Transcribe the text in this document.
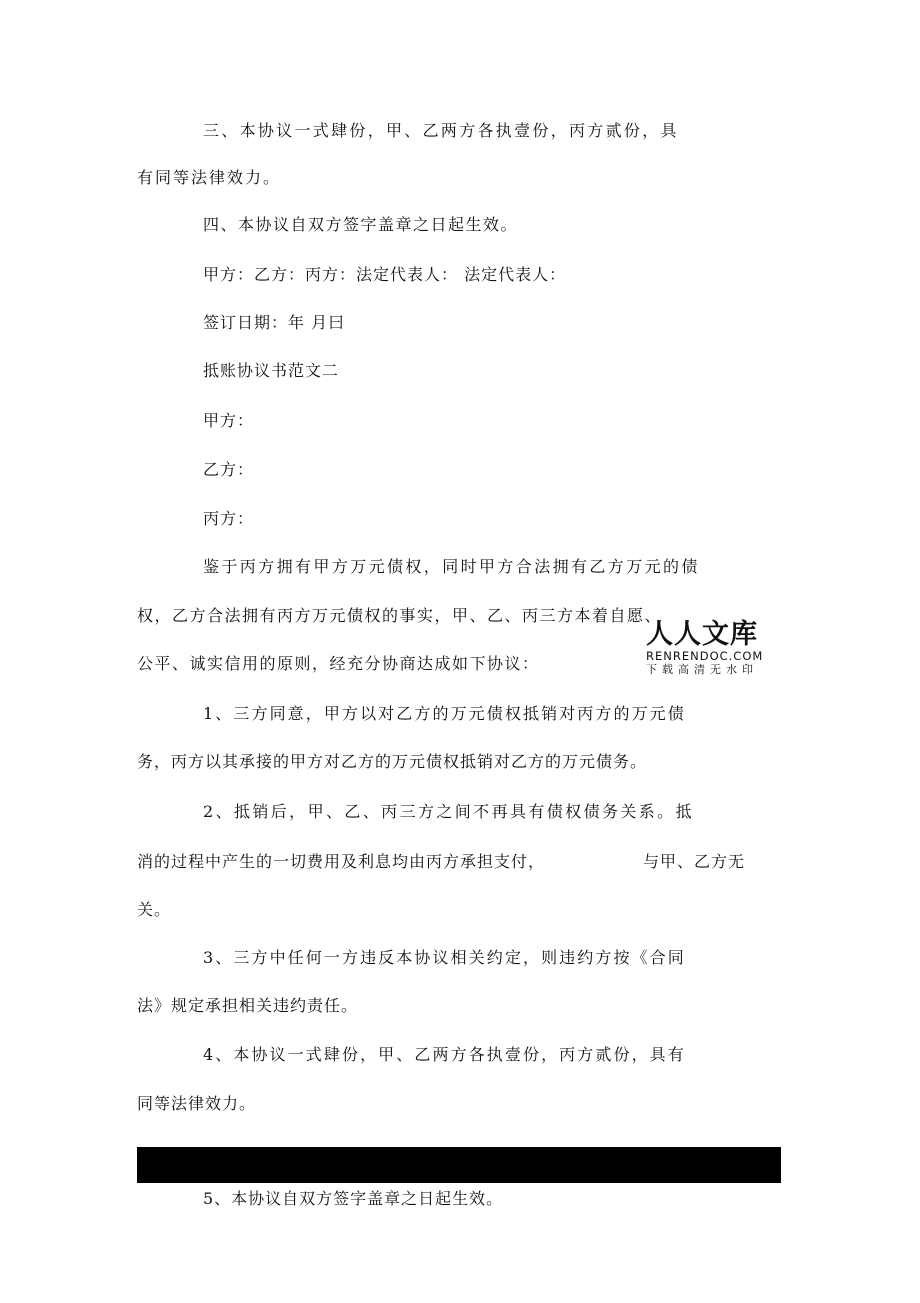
三、本协议一式肆份，甲、乙两方各执壹份，丙方贰份，具
有同等法律效力。
四、本协议自双方签字盖章之日起生效。
甲方：乙方：丙方：法定代表人： 法定代表人：
签订日期：年 月曰
抵账协议书范文二
甲方：
乙方：
丙方：
鉴于丙方拥有甲方万元债权，同时甲方合法拥有乙方万元的债
权，乙方合法拥有丙方万元债权的事实，甲、乙、丙三方本着自愿、
公平、诚实信用的原则，经充分协商达成如下协议：
1、三方同意，甲方以对乙方的万元债权抵销对丙方的万元债
务，丙方以其承接的甲方对乙方的万元债权抵销对乙方的万元债务。
2、抵销后，甲、乙、丙三方之间不再具有债权债务关系。抵
消的过程中产生的一切费用及利息均由丙方承担支付，	与甲、乙方无
关。
3、三方中任何一方违反本协议相关约定，则违约方按《合同
法》规定承担相关违约责任。
4、本协议一式肆份，甲、乙两方各执壹份，丙方贰份，具有
同等法律效力。
5、本协议自双方签字盖章之日起生效。
人人文库
RENRENDOC.COM
下载高清无水印
